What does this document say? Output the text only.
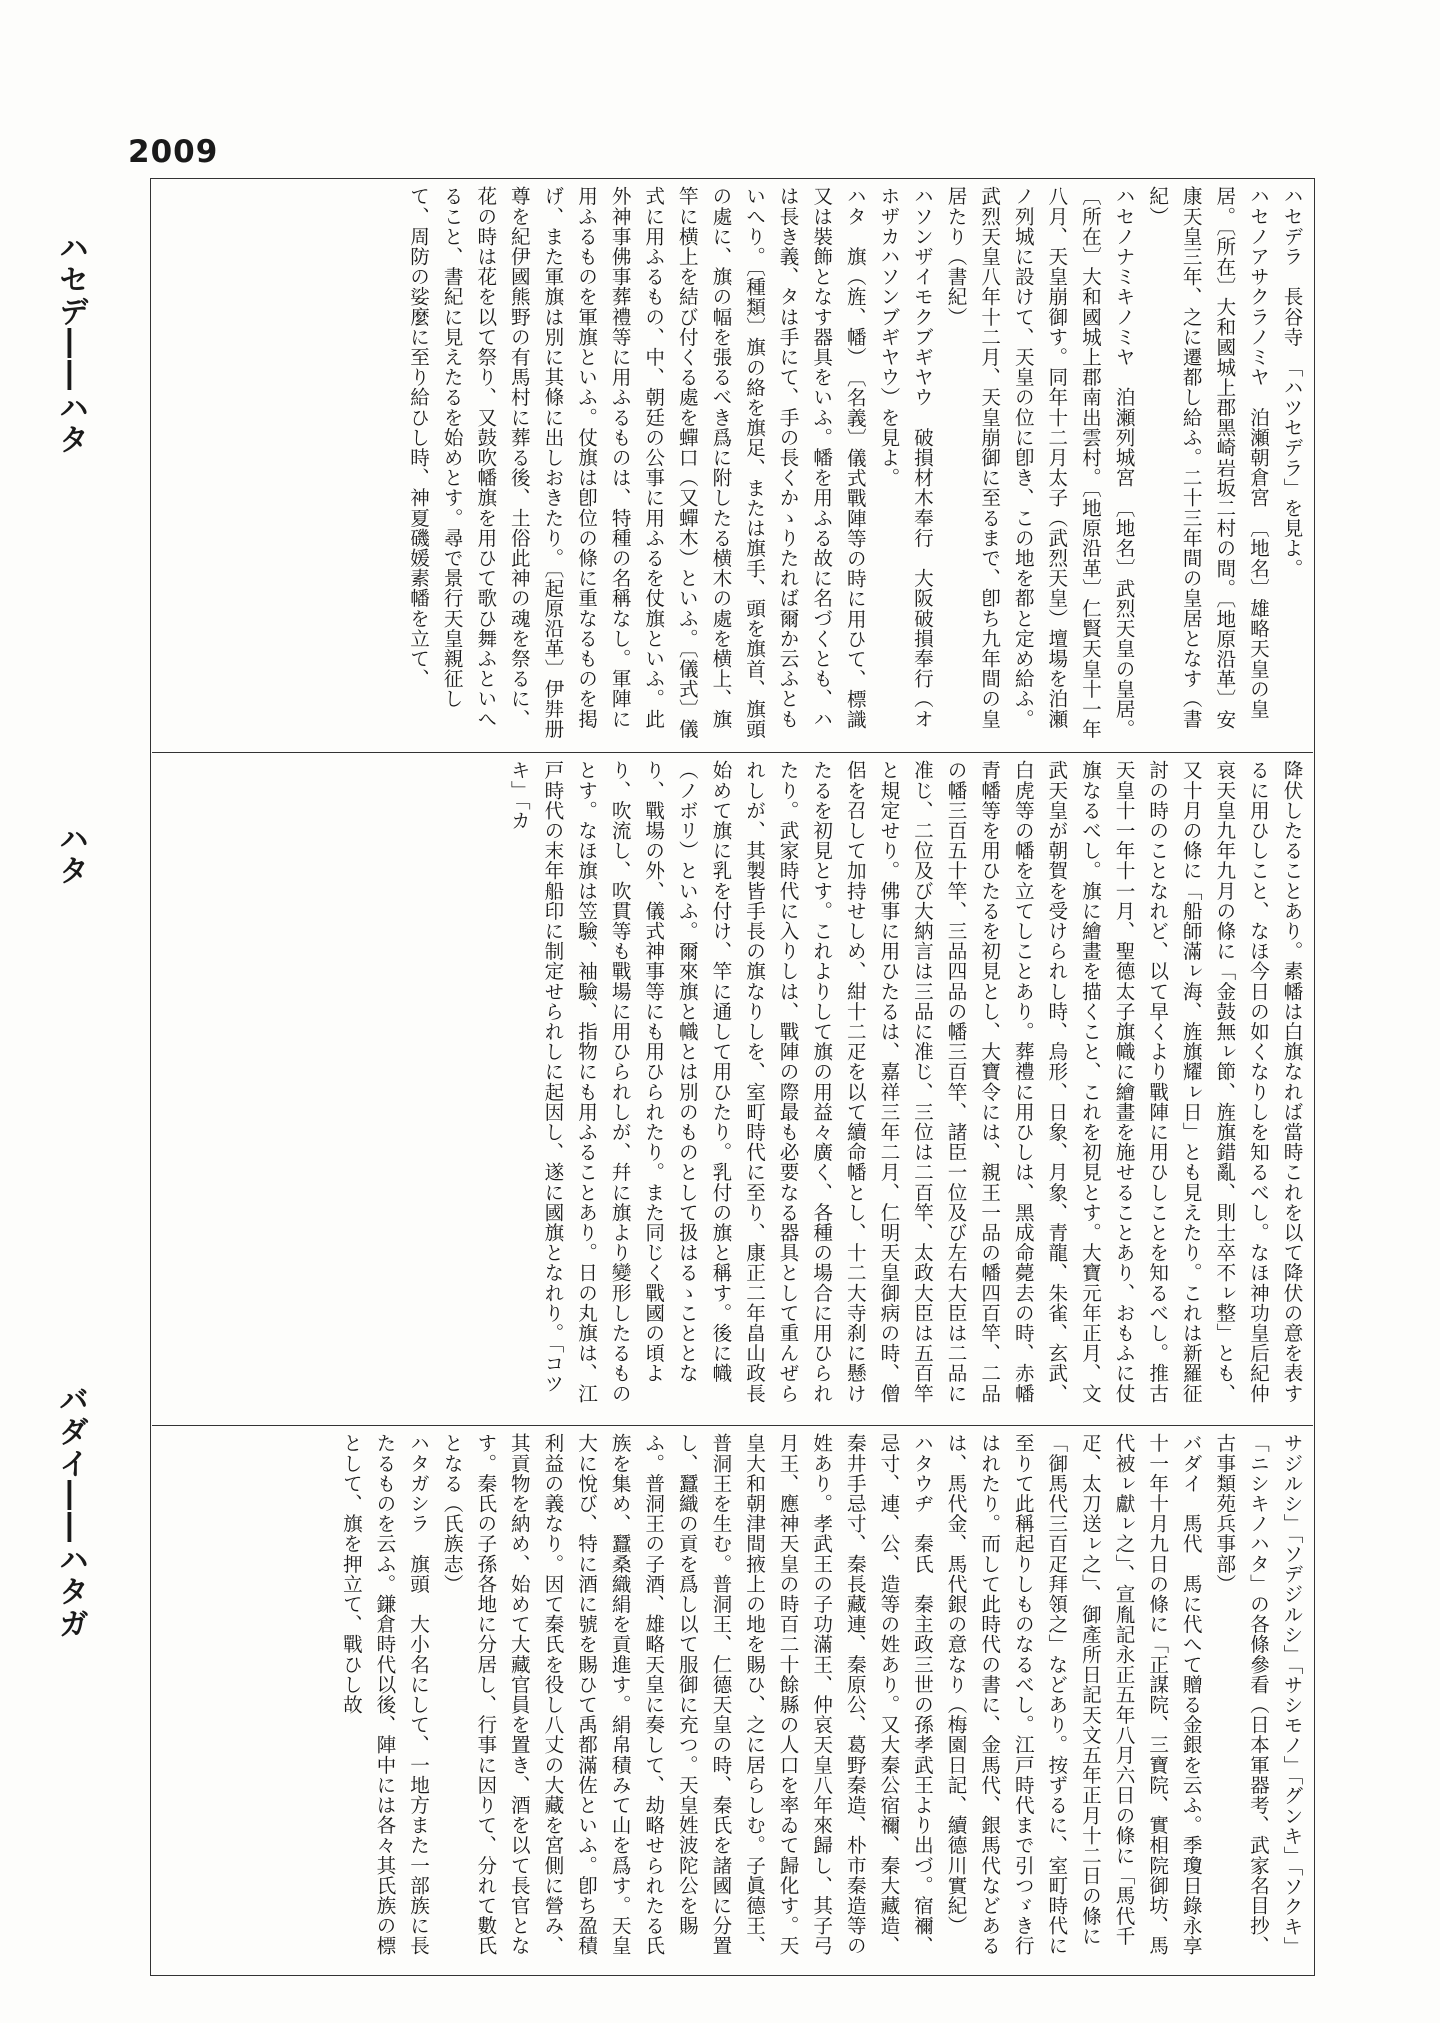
2009
ハセデ――ハタ
ハタ
バダイ――ハタガ

ハセデラ　長谷寺　「ハツセデラ」を見よ。

ハセノアサクラノミヤ　泊瀬朝倉宮　〔地名〕雄略天皇の皇居。〔所在〕大和國城上郡黑崎岩坂二村の間。〔地原沿革〕安康天皇三年、之に遷都し給ふ。二十三年間の皇居となす（書紀）

ハセノナミキノミヤ　泊瀬列城宮　〔地名〕武烈天皇の皇居。〔所在〕大和國城上郡南出雲村。〔地原沿革〕仁賢天皇十一年八月、天皇崩御す。同年十二月太子（武烈天皇）壇場を泊瀬ノ列城に設けて、天皇の位に卽き、この地を都と定め給ふ。武烈天皇八年十二月、天皇崩御に至るまで、卽ち九年間の皇居たり（書紀）

ハソンザイモクブギヤウ　破損材木奉行　大阪破損奉行（オホザカハソンブギヤウ）を見よ。

ハタ　旗（旌、幡）　〔名義〕儀式戰陣等の時に用ひて、標識又は裝飾となす器具をいふ。幡を用ふる故に名づくとも、ハは長き義、タは手にて、手の長くかゝりたれば爾か云ふともいへり。〔種類〕旗の絡を旗足、または旗手、頭を旗首、旗頭の處に、旗の幅を張るべき爲に附したる横木の處を横上、旗竿に横上を結び付くる處を蟬口（又蟬木）といふ。〔儀式〕儀式に用ふるもの、中、朝廷の公事に用ふるを仗旗といふ。此外神事佛事葬禮等に用ふるものは、特種の名稱なし。軍陣に用ふるものを軍旗といふ。仗旗は卽位の條に重なるものを掲げ、また軍旗は別に其條に出しおきたり。〔起原沿革〕伊弉册尊を紀伊國熊野の有馬村に葬る後、土俗此神の魂を祭るに、花の時は花を以て祭り、又鼓吹幡旗を用ひて歌ひ舞ふといへること、書紀に見えたるを始めとす。尋で景行天皇親征して、周防の娑麼に至り給ひし時、神夏磯媛素幡を立て、

降伏したることあり。素幡は白旗なれば當時これを以て降伏の意を表するに用ひしこと、なほ今日の如くなりしを知るべし。なほ神功皇后紀仲哀天皇九年九月の條に「金鼓無ㇾ節、旌旗錯亂、則士卒不ㇾ整」とも、又十月の條に「船師滿ㇾ海、旌旗耀ㇾ日」とも見えたり。これは新羅征討の時のことなれど、以て早くより戰陣に用ひしことを知るべし。推古天皇十一年十一月、聖德太子旗幟に繪畫を施せることあり、おもふに仗旗なるべし。旗に繪畫を描くこと、これを初見とす。大寶元年正月、文武天皇が朝賀を受けられし時、烏形、日象、月象、青龍、朱雀、玄武、白虎等の幡を立てしことあり。葬禮に用ひしは、黑成命薨去の時、赤幡青幡等を用ひたるを初見とし、大寶令には、親王一品の幡四百竿、二品の幡三百五十竿、三品四品の幡三百竿、諸臣一位及び左右大臣は二品に准じ、二位及び大納言は三品に准じ、三位は二百竿、太政大臣は五百竿と規定せり。佛事に用ひたるは、嘉祥三年二月、仁明天皇御病の時、僧侶を召して加持せしめ、紺十二疋を以て續命幡とし、十二大寺刹に懸けたるを初見とす。これよりして旗の用益々廣く、各種の場合に用ひられたり。武家時代に入りしは、戰陣の際最も必要なる器具として重んぜられしが、其製皆手長の旗なりしを、室町時代に至り、康正二年畠山政長始めて旗に乳を付け、竿に通して用ひたり。乳付の旗と稱す。後に幟（ノボリ）といふ。爾來旗と幟とは別のものとして扱はるゝこととなり、戰場の外、儀式神事等にも用ひられたり。また同じく戰國の頃より、吹流し、吹貫等も戰場に用ひられしが、幷に旗より變形したるものとす。なほ旗は笠驗、袖驗、指物にも用ふることあり。日の丸旗は、江戸時代の末年船印に制定せられしに起因し、遂に國旗となれり。「コツキ」「カ

サジルシ」「ソデジルシ」「サシモノ」「グンキ」「ソクキ」「ニシキノハタ」の各條參看（日本軍器考、武家名目抄、古事類苑兵事部）

バダイ　馬代　馬に代へて贈る金銀を云ふ。季瓊日錄永享十一年十月九日の條に「正謀院、三寶院、實相院御坊、馬代被ㇾ獻ㇾ之」、宣胤記永正五年八月六日の條に「馬代千疋、太刀送ㇾ之」、御產所日記天文五年正月十二日の條に「御馬代三百疋拜領之」などあり。按ずるに、室町時代に至りて此稱起りしものなるべし。江戸時代まで引つゞき行はれたり。而して此時代の書に、金馬代、銀馬代などあるは、馬代金、馬代銀の意なり（梅園日記、續德川實紀）

ハタウヂ　秦氏　秦主政三世の孫孝武王より出づ。宿禰、忌寸、連、公、造等の姓あり。又大秦公宿禰、秦大藏造、秦井手忌寸、秦長藏連、秦原公、葛野秦造、朴市秦造等の姓あり。孝武王の子功滿王、仲哀天皇八年來歸し、其子弓月王、應神天皇の時百二十餘縣の人口を率ゐて歸化す。天皇大和朝津間掖上の地を賜ひ、之に居らしむ。子眞德王、普洞王を生む。普洞王、仁德天皇の時、秦氏を諸國に分置し、蠶織の貢を爲し以て服御に充つ。天皇姓波陀公を賜ふ。普洞王の子酒、雄略天皇に奏して、劫略せられたる氏族を集め、蠶桑織絹を貢進す。絹帛積みて山を爲す。天皇大に悅び、特に酒に號を賜ひて禹都滿佐といふ。卽ち盈積利益の義なり。因て秦氏を役し八丈の大藏を宮側に營み、其貢物を納め、始めて大藏官員を置き、酒を以て長官となす。秦氏の子孫各地に分居し、行事に因りて、分れて數氏となる（氏族志）

ハタガシラ　旗頭　大小名にして、一地方また一部族に長たるものを云ふ。鎌倉時代以後、陣中には各々其氏族の標として、旗を押立て、戰ひし故
